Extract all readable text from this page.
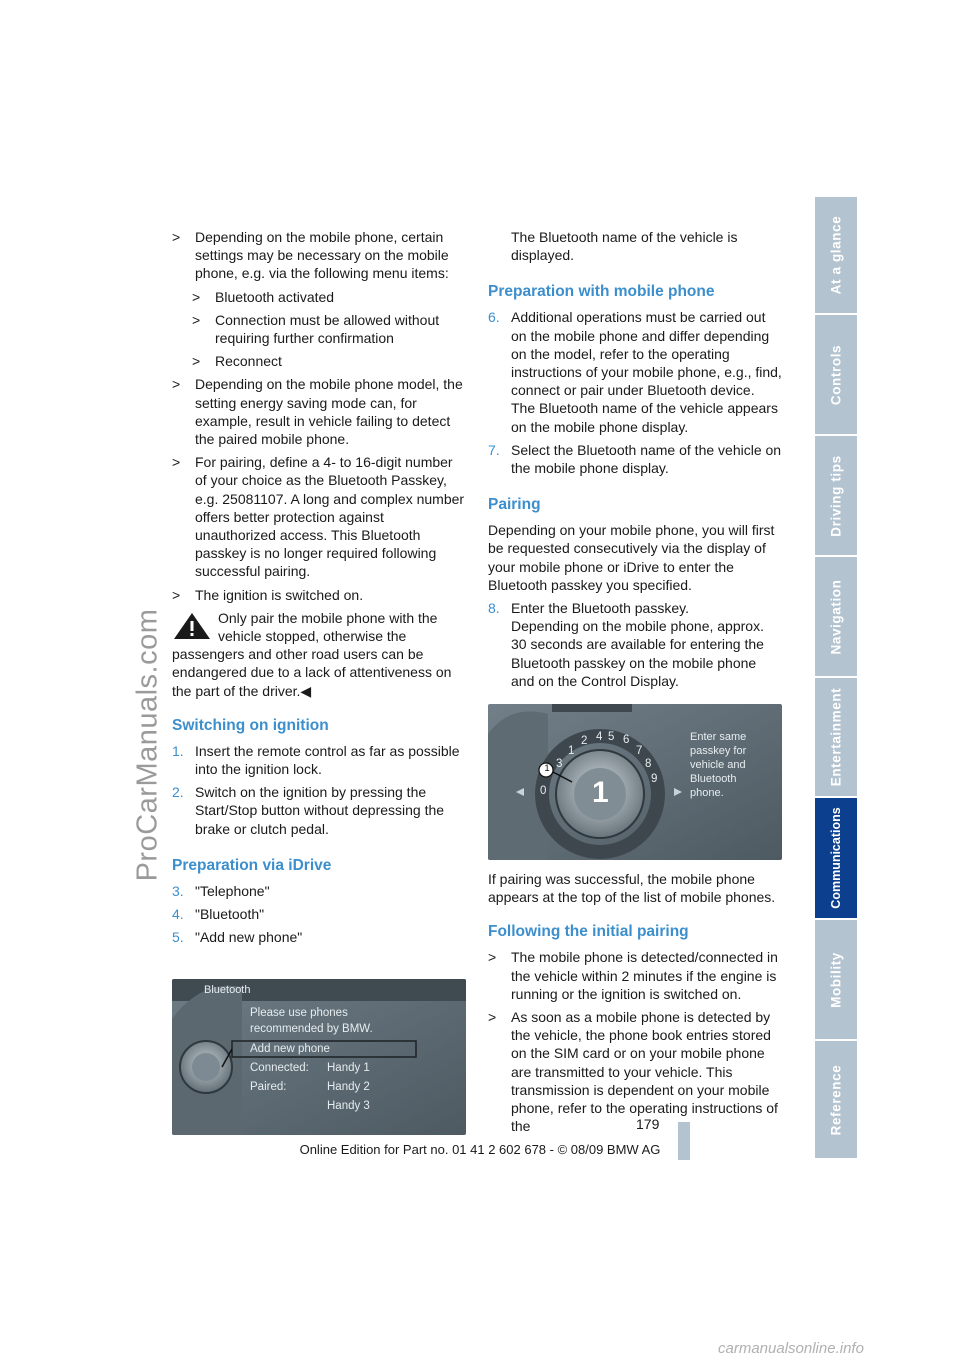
ProCarManuals.com
> Depending on the mobile phone, certain settings may be necessary on the mobile phone, e.g. via the following menu items:
> Bluetooth activated
> Connection must be allowed without requiring further confirmation
> Reconnect
> Depending on the mobile phone model, the setting energy saving mode can, for example, result in vehicle failing to detect the paired mobile phone.
> For pairing, define a 4- to 16-digit number of your choice as the Bluetooth Passkey, e.g. 25081107. A long and complex number offers better protection against unauthorized access. This Bluetooth passkey is no longer required following successful pairing.
> The ignition is switched on.
Only pair the mobile phone with the vehicle stopped, otherwise the passengers and other road users can be endangered due to a lack of attentiveness on the part of the driver.◀
Switching on ignition
1. Insert the remote control as far as possible into the ignition lock.
2. Switch on the ignition by pressing the Start/Stop button without depressing the brake or clutch pedal.
Preparation via iDrive
3. "Telephone"
4. "Bluetooth"
5. "Add new phone"
Bluetooth
Please use phones recommended by BMW.
Add new phone
Connected: Handy 1
Paired:	Handy 2
Handy 3
The Bluetooth name of the vehicle is displayed.
Preparation with mobile phone
6. Additional operations must be carried out on the mobile phone and differ depending on the model, refer to the operating instructions of your mobile phone, e.g., find, connect or pair under Bluetooth device.
The Bluetooth name of the vehicle appears on the mobile phone display.
7. Select the Bluetooth name of the vehicle on the mobile phone display.
Pairing
Depending on your mobile phone, you will first be requested consecutively via the display of your mobile phone or iDrive to enter the Bluetooth passkey you specified.
8. Enter the Bluetooth passkey.
Depending on the mobile phone, approx. 30 seconds are available for entering the Bluetooth passkey on the mobile phone and on the Control Display.
3
1
2 4 5 6
7
8
9
0 1
1
Enter same passkey for vehicle and Bluetooth phone.
If pairing was successful, the mobile phone appears at the top of the list of mobile phones.
Following the initial pairing
> The mobile phone is detected/connected in the vehicle within 2 minutes if the engine is running or the ignition is switched on.
> As soon as a mobile phone is detected by the vehicle, the phone book entries stored on the SIM card or on your mobile phone are transmitted to your vehicle. This transmission is dependent on your mobile phone, refer to the operating instructions of the
At a glance
Controls
Driving tips
Navigation
Entertainment
Communications
Mobility
Reference
179
Online Edition for Part no. 01 41 2 602 678 - © 08/09 BMW AG
carmanualsonline.info
